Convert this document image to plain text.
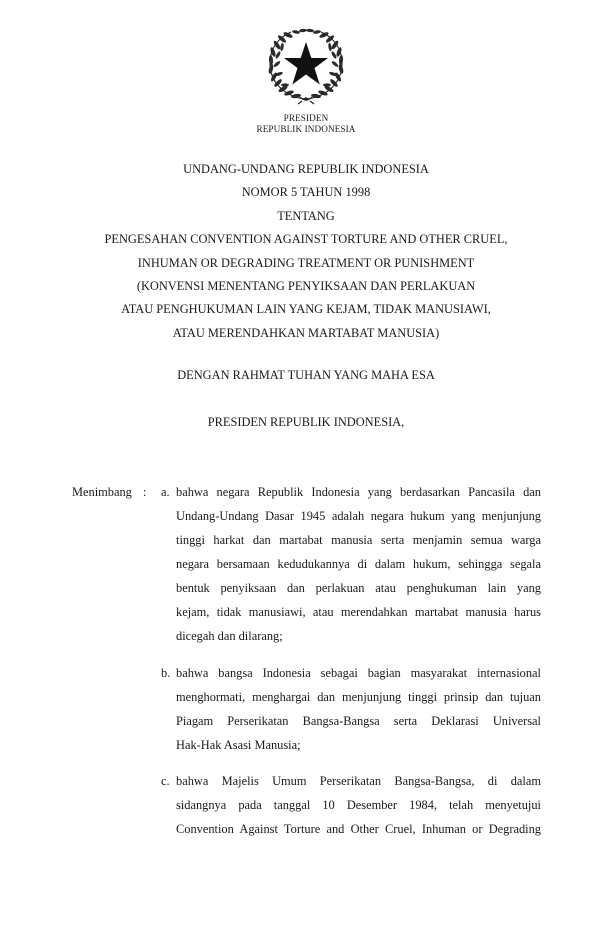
PRESIDEN
REPUBLIK INDONESIA
UNDANG-UNDANG REPUBLIK INDONESIA
NOMOR 5 TAHUN 1998
TENTANG
PENGESAHAN CONVENTION AGAINST TORTURE AND OTHER CRUEL,
INHUMAN OR DEGRADING TREATMENT OR PUNISHMENT
(KONVENSI MENENTANG PENYIKSAAN DAN PERLAKUAN
ATAU PENGHUKUMAN LAIN YANG KEJAM, TIDAK MANUSIAWI,
ATAU MERENDAHKAN MARTABAT MANUSIA)
DENGAN RAHMAT TUHAN YANG MAHA ESA
PRESIDEN REPUBLIK INDONESIA,
Menimbang : a. bahwa negara Republik Indonesia yang berdasarkan Pancasila dan
Undang-Undang Dasar 1945 adalah negara hukum yang menjunjung
tinggi harkat dan martabat manusia serta menjamin semua warga
negara bersamaan kedudukannya di dalam hukum, sehingga segala
bentuk penyiksaan dan perlakuan atau penghukuman lain yang
kejam, tidak manusiawi, atau merendahkan martabat manusia harus
dicegah dan dilarang;
b. bahwa bangsa Indonesia sebagai bagian masyarakat internasional
menghormati, menghargai dan menjunjung tinggi prinsip dan tujuan
Piagam Perserikatan Bangsa-Bangsa serta Deklarasi Universal
Hak-Hak Asasi Manusia;
c. bahwa Majelis Umum Perserikatan Bangsa-Bangsa, di dalam
sidangnya pada tanggal 10 Desember 1984, telah menyetujui
Convention Against Torture and Other Cruel, Inhuman or Degrading
